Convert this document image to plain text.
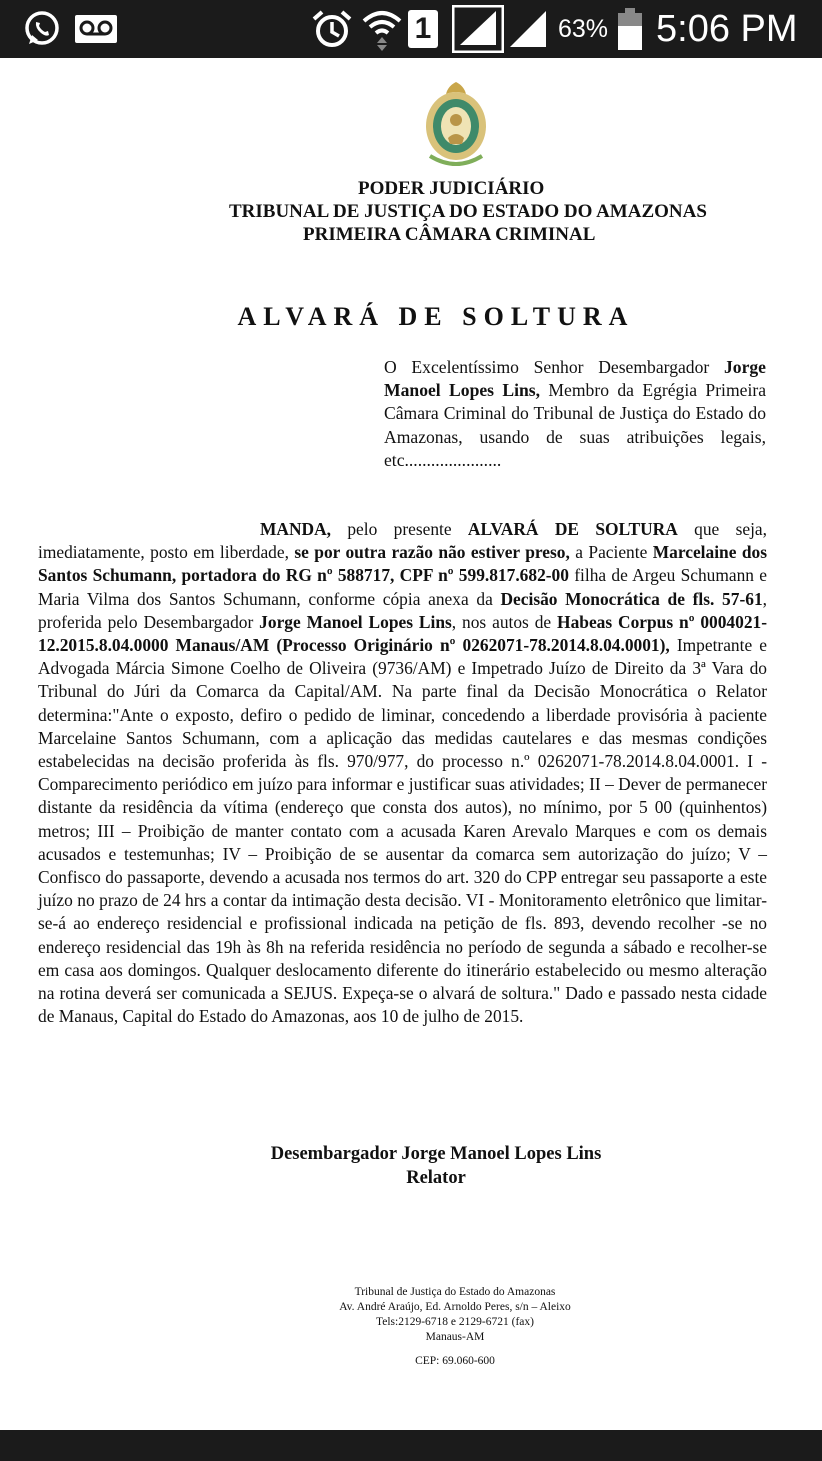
1	63% 5:06 PM
PODER JUDICIÁRIO
TRIBUNAL DE JUSTIÇA DO ESTADO DO AMAZONAS
PRIMEIRA CÂMARA CRIMINAL
ALVARÁ DE SOLTURA
O Excelentíssimo Senhor Desembargador Jorge Manoel Lopes Lins, Membro da Egrégia Primeira Câmara Criminal do Tribunal de Justiça do Estado do Amazonas, usando de suas atribuições legais, etc......................

MANDA, pelo presente ALVARÁ DE SOLTURA que seja, imediatamente, posto em liberdade, se por outra razão não estiver preso, a Paciente Marcelaine dos Santos Schumann, portadora do RG nº 588717, CPF nº 599.817.682-00 filha de Argeu Schumann e Maria Vilma dos Santos Schumann, conforme cópia anexa da Decisão Monocrática de fls. 57-61, proferida pelo Desembargador Jorge Manoel Lopes Lins, nos autos de Habeas Corpus nº 0004021-12.2015.8.04.0000 Manaus/AM (Processo Originário nº 0262071-78.2014.8.04.0001), Impetrante e Advogada Márcia Simone Coelho de Oliveira (9736/AM) e Impetrado Juízo de Direito da 3ª Vara do Tribunal do Júri da Comarca da Capital/AM. Na parte final da Decisão Monocrática o Relator determina:"Ante o exposto, defiro o pedido de liminar, concedendo a liberdade provisória à paciente Marcelaine Santos Schumann, com a aplicação das medidas cautelares e das mesmas condições estabelecidas na decisão proferida às fls. 970/977, do processo n.º 0262071-78.2014.8.04.0001. I - Comparecimento periódico em juízo para informar e justificar suas atividades; II – Dever de permanecer distante da residência da vítima (endereço que consta dos autos), no mínimo, por 5 00 (quinhentos) metros; III – Proibição de manter contato com a acusada Karen Arevalo Marques e com os demais acusados e testemunhas; IV – Proibição de se ausentar da comarca sem autorização do juízo; V – Confisco do passaporte, devendo a acusada nos termos do art. 320 do CPP entregar seu passaporte a este juízo no prazo de 24 hrs a contar da intimação desta decisão. VI - Monitoramento eletrônico que limitar-se-á ao endereço residencial e profissional indicada na petição de fls. 893, devendo recolher -se no endereço residencial das 19h às 8h na referida residência no período de segunda a sábado e recolher-se em casa aos domingos. Qualquer deslocamento diferente do itinerário estabelecido ou mesmo alteração na rotina deverá ser comunicada a SEJUS. Expeça-se o alvará de soltura." Dado e passado nesta cidade de Manaus, Capital do Estado do Amazonas, aos 10 de julho de 2015.

Desembargador Jorge Manoel Lopes Lins
Relator
Tribunal de Justiça do Estado do Amazonas
Av. André Araújo, Ed. Arnoldo Peres, s/n – Aleixo
Tels:2129-6718 e 2129-6721 (fax)
Manaus-AM
CEP: 69.060-600
